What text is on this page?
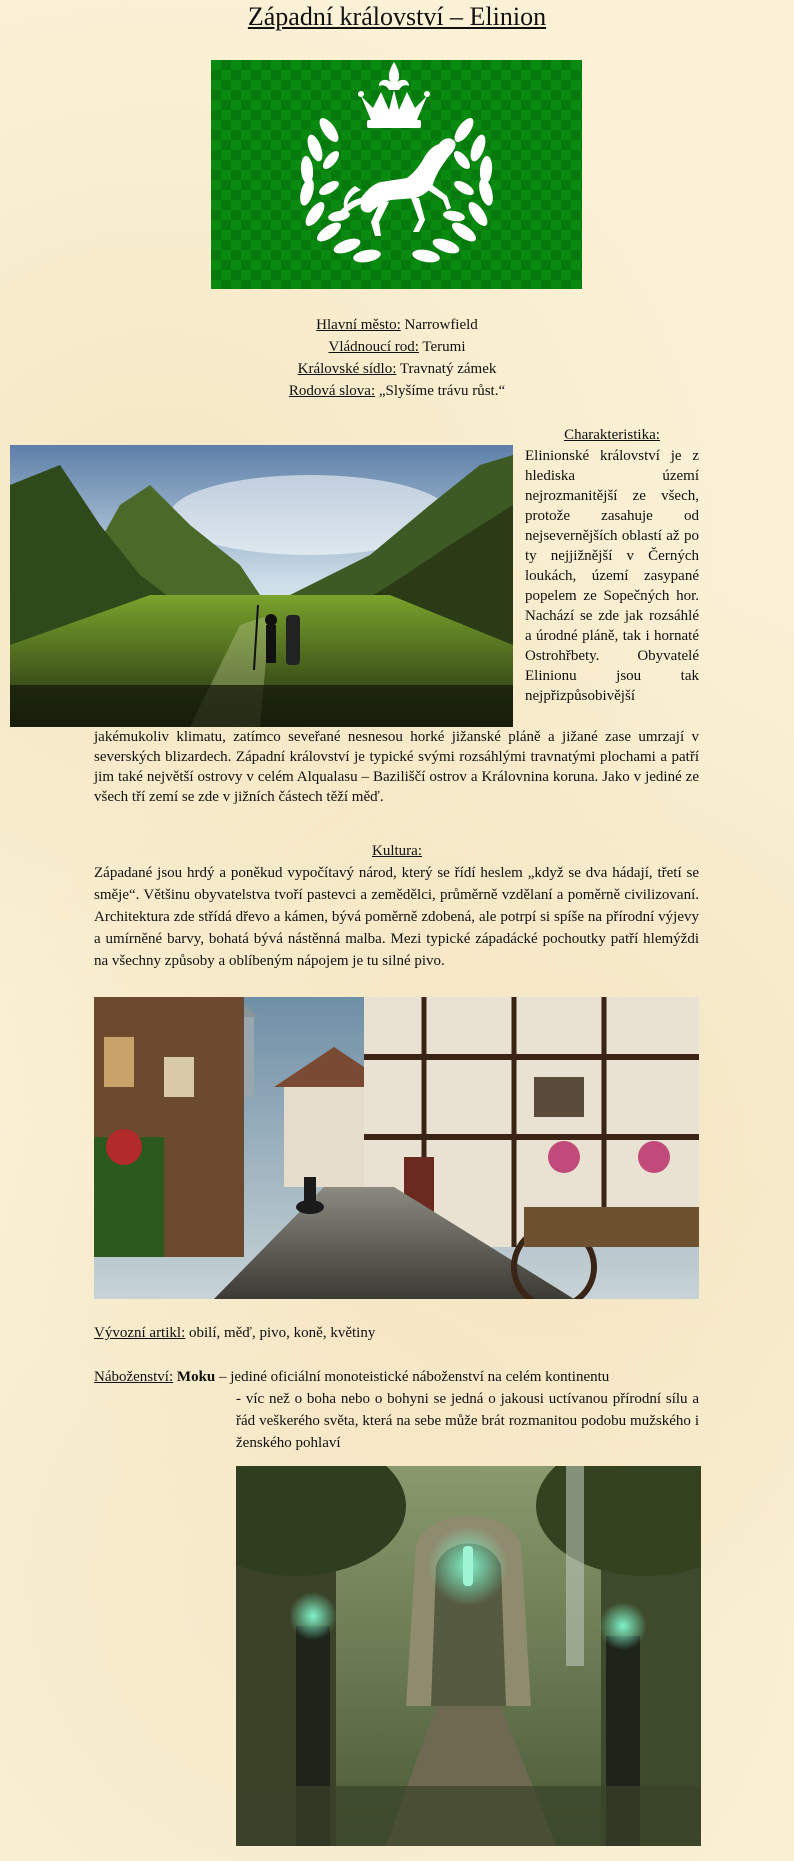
Západní království – Elinion
Hlavní město: Narrowfield
Vládnoucí rod: Terumi
Královské sídlo: Travnatý zámek
Rodová slova: „Slyšíme trávu růst.“
Charakteristika:
Elinionské království je z hlediska území nejrozmanitější ze všech, protože zasahuje od nejsevernějších oblastí až po ty nejjižnější v Černých loukách, území zasypané popelem ze Sopečných hor. Nachází se zde jak rozsáhlé a úrodné pláně, tak i hornaté Ostrohřbety. Obyvatelé Elinionu jsou tak nejpřizpůsobivější
jakémukoliv klimatu, zatímco seveřané nesnesou horké jižanské pláně a jižané zase umrzají v severských blizardech. Západní království je typické svými rozsáhlými travnatými plochami a patří jim také největší ostrovy v celém Alqualasu – Baziliščí ostrov a Královnina koruna. Jako v jediné ze všech tří zemí se zde v jižních částech těží měď.
Kultura:
Západané jsou hrdý a poněkud vypočítavý národ, který se řídí heslem „když se dva hádají, třetí se směje“. Většinu obyvatelstva tvoří pastevci a zemědělci, průměrně vzdělaní a poměrně civilizovaní. Architektura zde střídá dřevo a kámen, bývá poměrně zdobená, ale potrpí si spíše na přírodní výjevy a umírněné barvy, bohatá bývá nástěnná malba. Mezi typické západácké pochoutky patří hlemýždi na všechny způsoby a oblíbeným nápojem je tu silné pivo.
Vývozní artikl: obilí, měď, pivo, koně, květiny
Náboženství: Moku – jediné oficiální monoteistické náboženství na celém kontinentu
- víc než o boha nebo o bohyni se jedná o jakousi uctívanou přírodní sílu a řád veškerého světa, která na sebe může brát rozmanitou podobu mužského i ženského pohlaví
